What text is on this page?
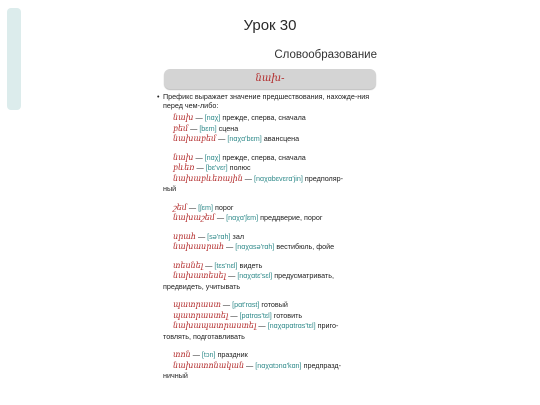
Урок 30
Словообразование
նախ-
• Префикс выражает значение предшествования, нахожде-ния перед чем-либо:
նախ — [nɑχ] прежде, сперва, сначала
բեմ — [bɛm] сцена
նախաբեմ — [nɑχɑ'bɛm] авансцена
նախ — [nɑχ] прежде, сперва, сначала
բևեռ — [bɛ'vɛr] полюс
նախաբևեռային — [nɑχɑbɛvɛrɑ'jin] предполяр-
ный
շեմ — [ʃɛm] порог
նախաշեմ — [nɑχɑ'ʃɛm] преддверие, порог
սրահ — [sə'rɑh] зал
նախասրահ — [nɑχɑsə'rɑh] вестибюль, фойе
տեսնել — [tɛs'nɛl] видеть
նախատեսել — [nɑχɑtɛ'sɛl] предусматривать,
предвидеть, учитывать
պատրաստ — [pɑt'rɑst] готовый
պատրաստել — [pɑtrɑs'tɛl] готовить
նախապատրաստել — [nɑχɑpɑtrɑs'tɛl] приго-
товлять, подготавливать
տոն — [tɔn] праздник
նախատոնական — [nɑχɑtɔnɑ'kɑn] предпразд-
ничный
